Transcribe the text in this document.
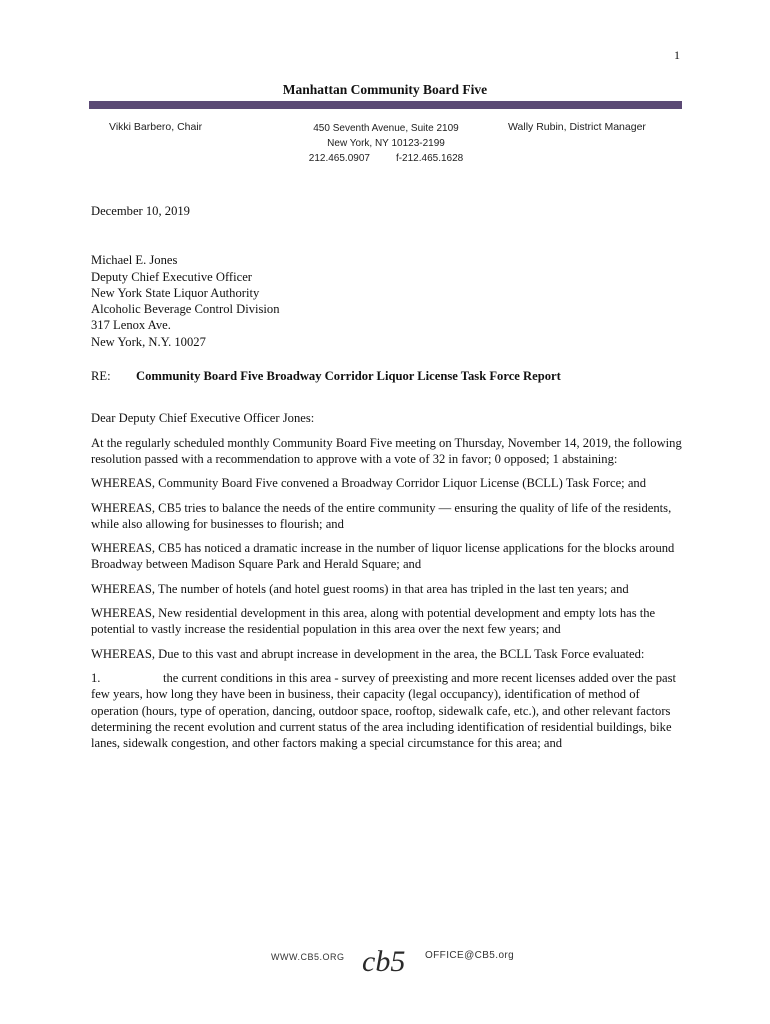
1
Manhattan Community Board Five
Vikki Barbero, Chair	450 Seventh Avenue, Suite 2109
New York, NY 10123-2199
212.465.0907	f-212.465.1628
Wally Rubin, District Manager
December 10, 2019
Michael E. Jones
Deputy Chief Executive Officer
New York State Liquor Authority
Alcoholic Beverage Control Division
317 Lenox Ave.
New York, N.Y. 10027
RE:	Community Board Five Broadway Corridor Liquor License Task Force Report
Dear Deputy Chief Executive Officer Jones:

At the regularly scheduled monthly Community Board Five meeting on Thursday, November 14, 2019, the following resolution passed with a recommendation to approve with a vote of 32 in favor; 0 opposed; 1 abstaining:

WHEREAS, Community Board Five convened a Broadway Corridor Liquor License (BCLL) Task Force; and

WHEREAS, CB5 tries to balance the needs of the entire community — ensuring the quality of life of the residents, while also allowing for businesses to flourish; and

WHEREAS, CB5 has noticed a dramatic increase in the number of liquor license applications for the blocks around Broadway between Madison Square Park and Herald Square; and

WHEREAS, The number of hotels (and hotel guest rooms) in that area has tripled in the last ten years; and

WHEREAS, New residential development in this area, along with potential development and empty lots has the potential to vastly increase the residential population in this area over the next few years; and

WHEREAS, Due to this vast and abrupt increase in development in the area, the BCLL Task Force evaluated:

1.	the current conditions in this area - survey of preexisting and more recent licenses added over the past few years, how long they have been in business, their capacity (legal occupancy), identification of method of operation (hours, type of operation, dancing, outdoor space, rooftop, sidewalk cafe, etc.), and other relevant factors determining the recent evolution and current status of the area including identification of residential buildings, bike lanes, sidewalk congestion, and other factors making a special circumstance for this area; and

WWW.CB5.ORG cb5 OFFICE@CB5.org
